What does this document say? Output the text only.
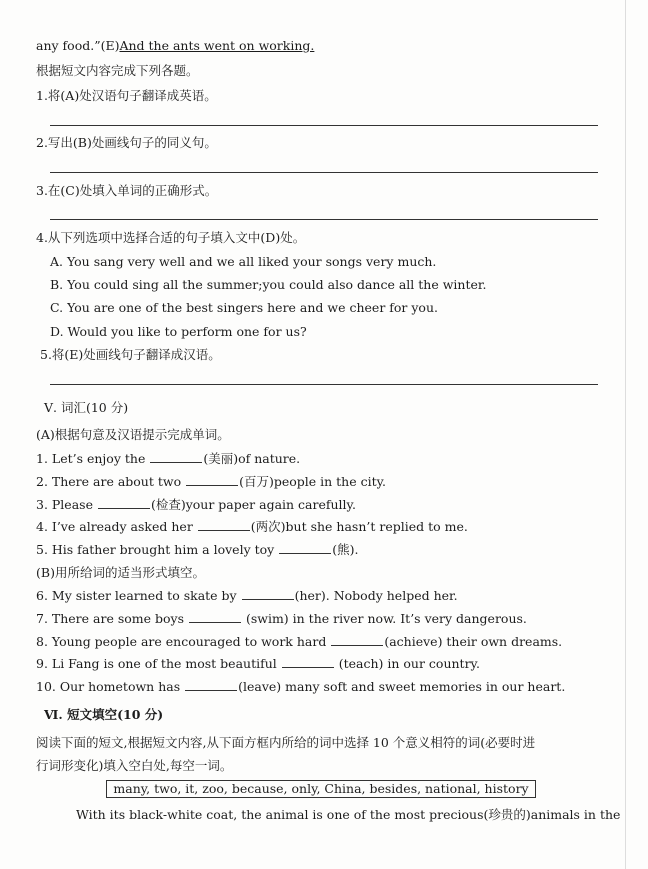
any food.”(E)And the ants went on working.
根据短文内容完成下列各题。
1.将(A)处汉语句子翻译成英语。
2.写出(B)处画线句子的同义句。
3.在(C)处填入单词的正确形式。
4.从下列选项中选择合适的句子填入文中(D)处。
A. You sang very well and we all liked your songs very much.
B. You could sing all the summer;you could also dance all the winter.
C. You are one of the best singers here and we cheer for you.
D. Would you like to perform one for us?
5.将(E)处画线句子翻译成汉语。
Ⅴ. 词汇(10 分)
(A)根据句意及汉语提示完成单词。
1. Let’s enjoy the	(美丽)of nature.
2. There are about two	(百万)people in the city.
3. Please	(检查)your paper again carefully.
4. I’ve already asked her	(两次)but she hasn’t replied to me.
5. His father brought him a lovely toy	(熊).
(B)用所给词的适当形式填空。
6. My sister learned to skate by	(her). Nobody helped her.
7. There are some boys	(swim) in the river now. It’s very dangerous.
8. Young people are encouraged to work hard	(achieve) their own dreams.
9. Li Fang is one of the most beautiful	(teach) in our country.
10. Our hometown has	(leave) many soft and sweet memories in our heart.
Ⅵ. 短文填空(10 分)
阅读下面的短文,根据短文内容,从下面方框内所给的词中选择 10 个意义相符的词(必要时进
行词形变化)填入空白处,每空一词。
many, two, it, zoo, because, only, China, besides, national, history
With its black-white coat, the animal is one of the most precious(珍贵的)animals in the
